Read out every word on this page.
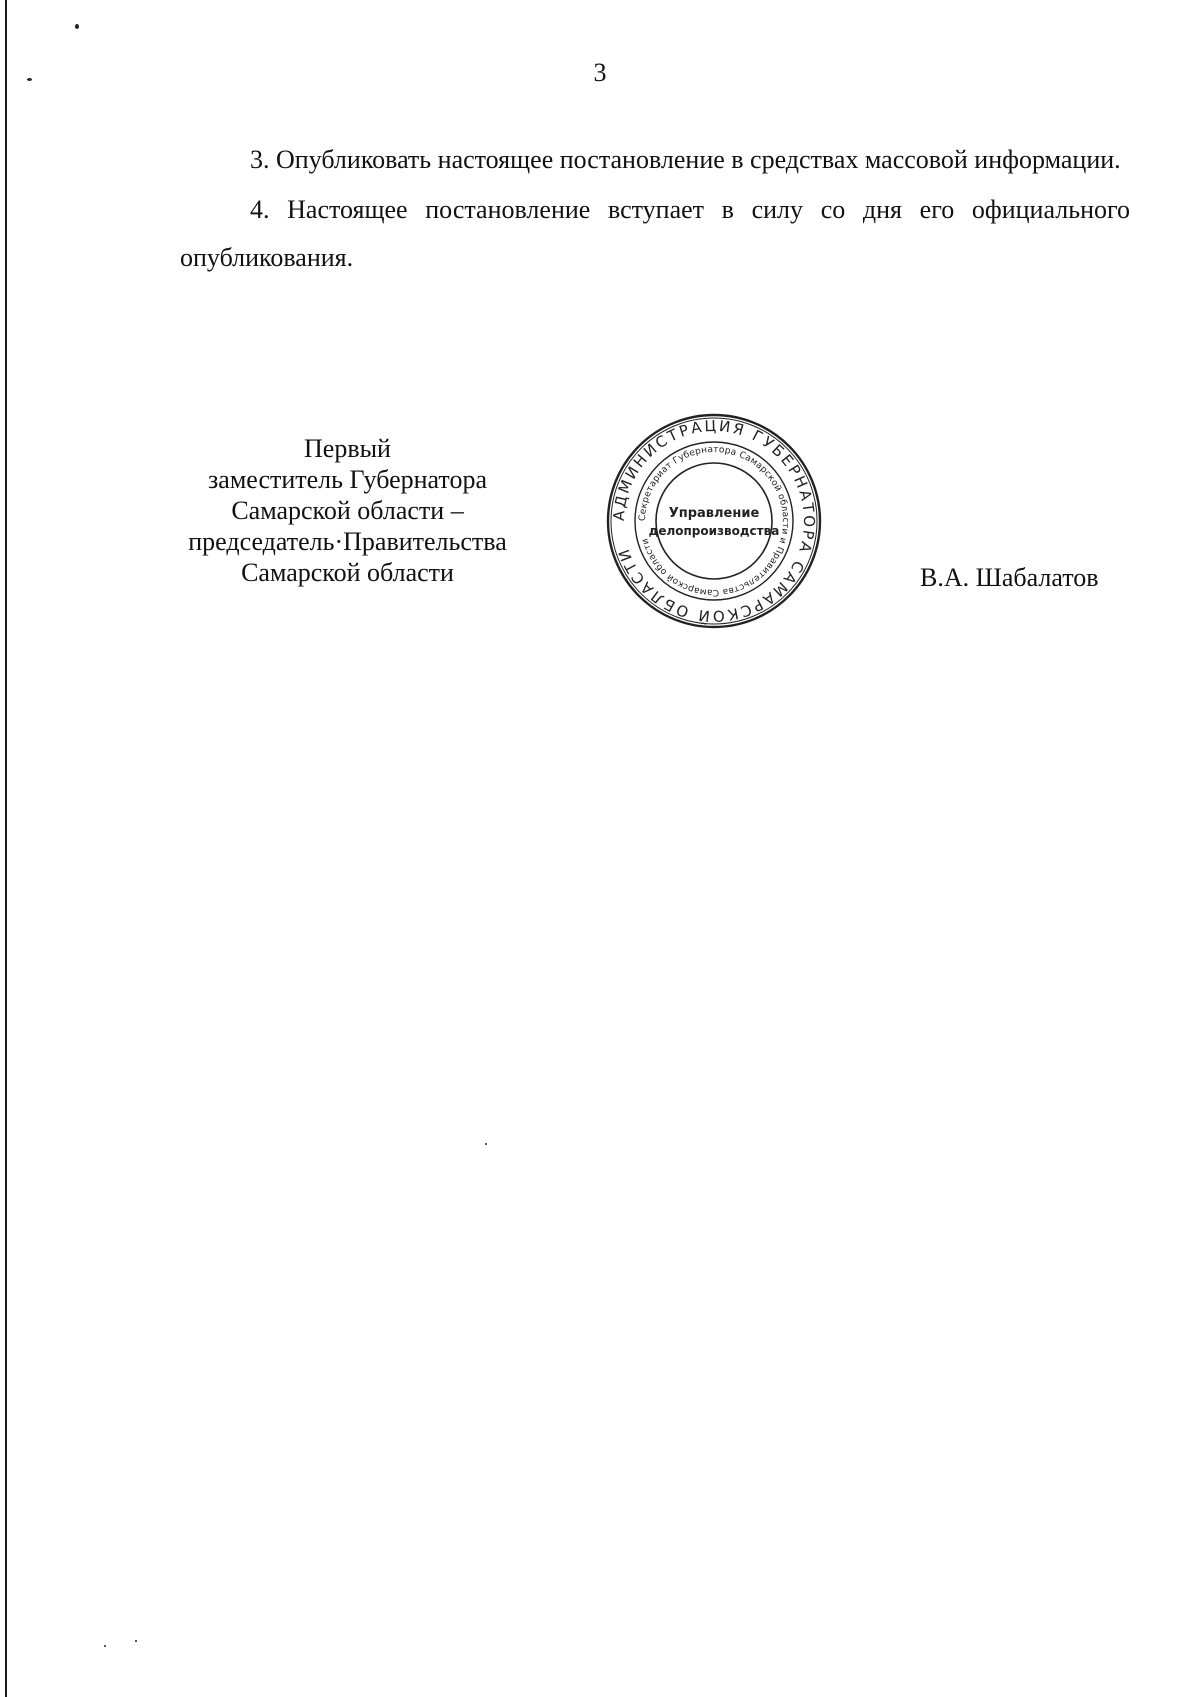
3

3. Опубликовать настоящее постановление в средствах массовой информации.

4. Настоящее постановление вступает в силу со дня его официального опубликования.

Первый
заместитель Губернатора
Самарской области –
председатель·Правительства
Самарской области
АДМИНИСТРАЦИЯ ГУБЕРНАТОРА САМАРСКОЙ ОБЛАСТИ
Секретариат Губернатора Самарской области и Правительства Самарской области
Управление
делопроизводства
В.А. Шабалатов
